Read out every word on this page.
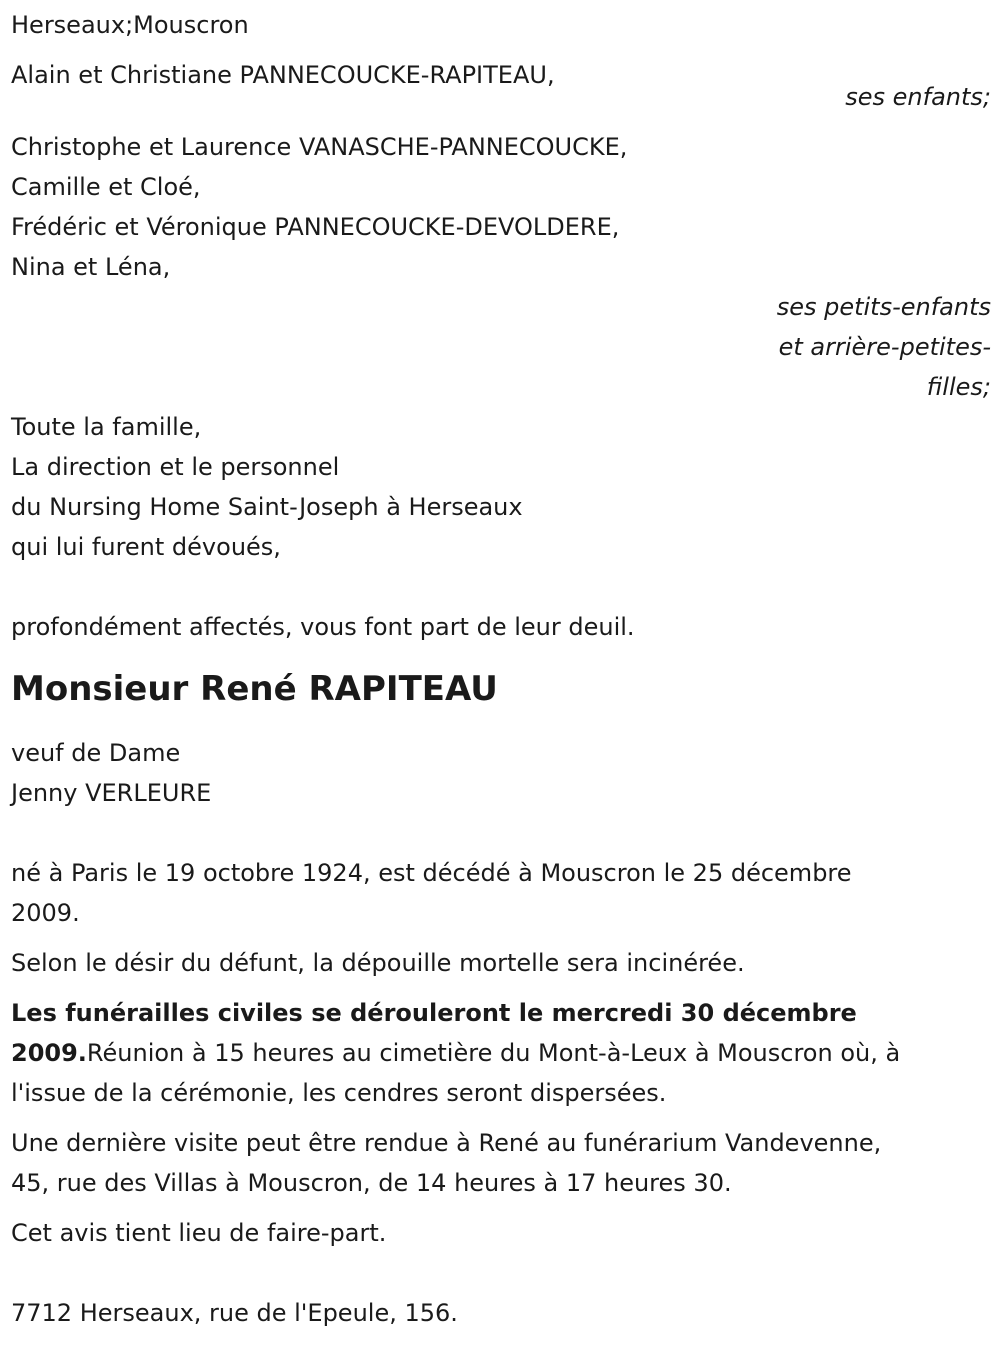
Herseaux;Mouscron
Alain et Christiane PANNECOUCKE-RAPITEAU,
ses enfants;
Christophe et Laurence VANASCHE-PANNECOUCKE,
Camille et Cloé,
Frédéric et Véronique PANNECOUCKE-DEVOLDERE,
Nina et Léna,
ses petits-enfants
et arrière-petites-
filles;
Toute la famille,
La direction et le personnel
du Nursing Home Saint-Joseph à Herseaux
qui lui furent dévoués,
profondément affectés, vous font part de leur deuil.
Monsieur René RAPITEAU
veuf de Dame
Jenny VERLEURE
né à Paris le 19 octobre 1924, est décédé à Mouscron le 25 décembre
2009.
Selon le désir du défunt, la dépouille mortelle sera incinérée.
Les funérailles civiles se dérouleront le mercredi 30 décembre
2009.Réunion à 15 heures au cimetière du Mont-à-Leux à Mouscron où, à
l'issue de la cérémonie, les cendres seront dispersées.
Une dernière visite peut être rendue à René au funérarium Vandevenne,
45, rue des Villas à Mouscron, de 14 heures à 17 heures 30.
Cet avis tient lieu de faire-part.
7712 Herseaux, rue de l'Epeule, 156.
